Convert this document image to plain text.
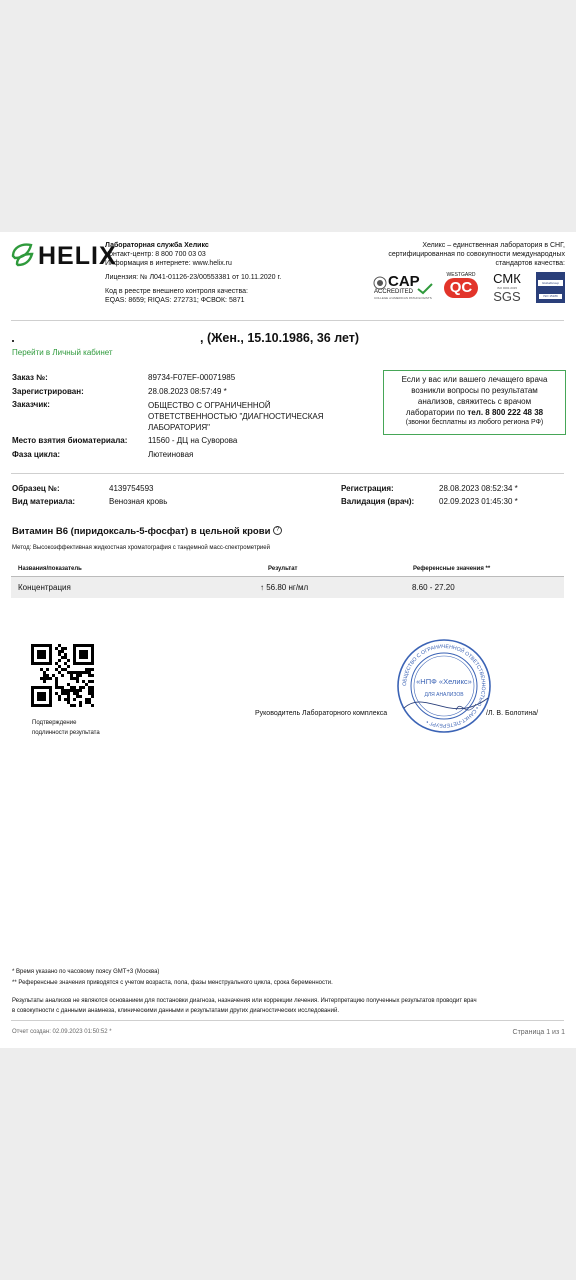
HELIX
Лабораторная служба Хеликс
Контакт-центр: 8 800 700 03 03
Информация в интернете: www.helix.ru
Лицензия: № Л041-01126-23/00553381 от 10.11.2020 г.
Код в реестре внешнего контроля качества:
EQAS: 8659; RIQAS: 272731; ФСВОК: 5871
Хеликс – единственная лаборатория в СНГ,
сертифицированная по совокупности международных
стандартов качества:
CAP
ACCREDITED
COLLEGE of AMERICAN PATHOLOGISTS
WESTGARD
QC
СМК
ISO 9001:2015
SGS
GlobalGroup
ISO 15189
, (Жен., 15.10.1986, 36 лет)
Перейти в Личный кабинет
Заказ №:	89734-F07EF-00071985
Зарегистрирован:	28.08.2023 08:57:49 *
Заказчик:	ОБЩЕСТВО С ОГРАНИЧЕННОЙ
ОТВЕТСТВЕННОСТЬЮ "ДИАГНОСТИЧЕСКАЯ
ЛАБОРАТОРИЯ"
Место взятия биоматериала:	11560 - ДЦ на Суворова
Фаза цикла:	Лютеиновая
Если у вас или вашего лечащего врача
возникли вопросы по результатам
анализов, свяжитесь с врачом
лаборатории по тел. 8 800 222 48 38
(звонки бесплатны из любого региона РФ)
Образец №:	4139754593
Вид материала:	Венозная кровь
Регистрация:	28.08.2023 08:52:34 *
Валидация (врач):	02.09.2023 01:45:30 *
Витамин B6 (пиридоксаль-5-фосфат) в цельной крови ?
Метод: Высокоэффективная жидкостная хроматография с тандемной масс-спектрометрией
Названия/показатель	Результат	Референсные значения **
Концентрация	↑ 56.80 нг/мл	8.60 - 27.20
Подтверждение
подлинности результата
Руководитель Лабораторного комплекса	/Л. В. Болотина/
ОБЩЕСТВО С ОГРАНИЧЕННОЙ ОТВЕТСТВЕННОСТЬЮ • САНКТ-ПЕТЕРБУРГ •
«НПФ «Хеликс»
ДЛЯ АНАЛИЗОВ
* Время указано по часовому поясу GMT+3 (Москва)
** Референсные значения приводятся с учетом возраста, пола, фазы менструального цикла, срока беременности.
Результаты анализов не являются основанием для постановки диагноза, назначения или коррекции лечения. Интерпретацию полученных результатов проводит врач
в совокупности с данными анамнеза, клиническими данными и результатами других диагностических исследований.
Отчет создан: 02.09.2023 01:50:52 *	Страница 1 из 1
